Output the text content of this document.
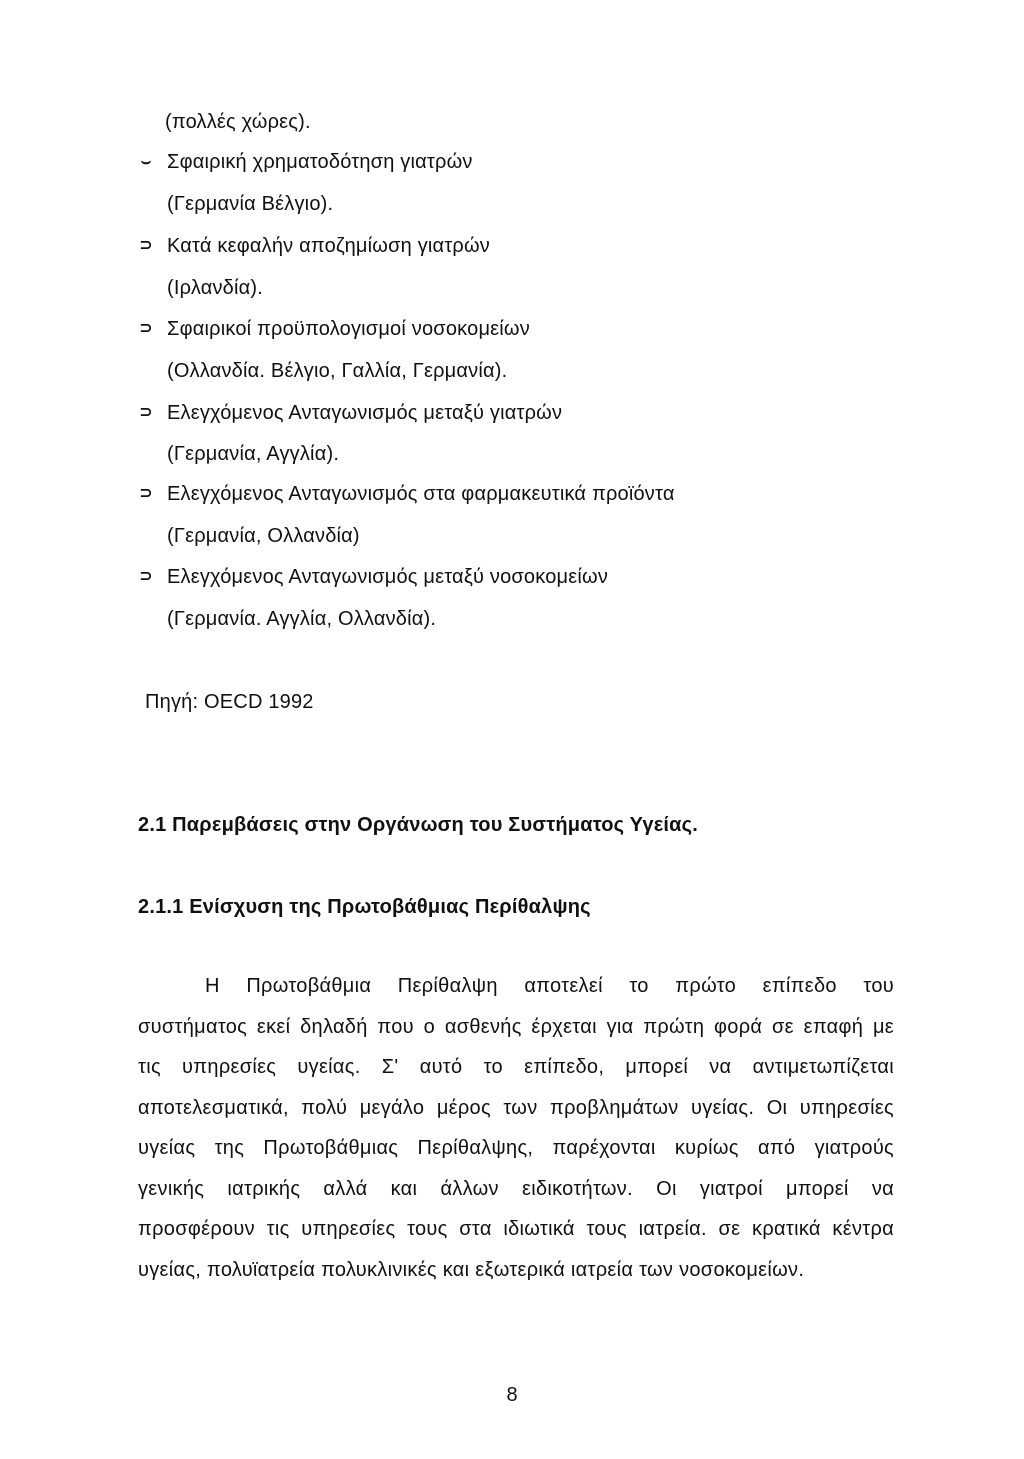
(πολλές χώρες).
⌣ Σφαιρική χρηματοδότηση γιατρών
(Γερμανία Βέλγιο).
⊃ Κατά κεφαλήν αποζημίωση γιατρών
(Ιρλανδία).
⊃ Σφαιρικοί προϋπολογισμοί νοσοκομείων
(Ολλανδία. Βέλγιο, Γαλλία, Γερμανία).
⊃ Ελεγχόμενος Ανταγωνισμός μεταξύ γιατρών
(Γερμανία, Αγγλία).
⊃ Ελεγχόμενος Ανταγωνισμός στα φαρμακευτικά προϊόντα
(Γερμανία, Ολλανδία)
⊃ Ελεγχόμενος Ανταγωνισμός μεταξύ νοσοκομείων
(Γερμανία. Αγγλία, Ολλανδία).
Πηγή: OECD 1992
2.1 Παρεμβάσεις στην Οργάνωση του Συστήματος Υγείας.
2.1.1 Ενίσχυση της Πρωτοβάθμιας Περίθαλψης
Η Πρωτοβάθμια Περίθαλψη αποτελεί το πρώτο επίπεδο του
συστήματος εκεί δηλαδή που ο ασθενής έρχεται για πρώτη φορά σε επαφή με
τις υπηρεσίες υγείας. Σ' αυτό το επίπεδο, μπορεί να αντιμετωπίζεται
αποτελεσματικά, πολύ μεγάλο μέρος των προβλημάτων υγείας. Οι υπηρεσίες
υγείας της Πρωτοβάθμιας Περίθαλψης, παρέχονται κυρίως από γιατρούς
γενικής ιατρικής αλλά και άλλων ειδικοτήτων. Οι γιατροί μπορεί να
προσφέρουν τις υπηρεσίες τους στα ιδιωτικά τους ιατρεία. σε κρατικά κέντρα
υγείας, πολυϊατρεία πολυκλινικές και εξωτερικά ιατρεία των νοσοκομείων.
8
